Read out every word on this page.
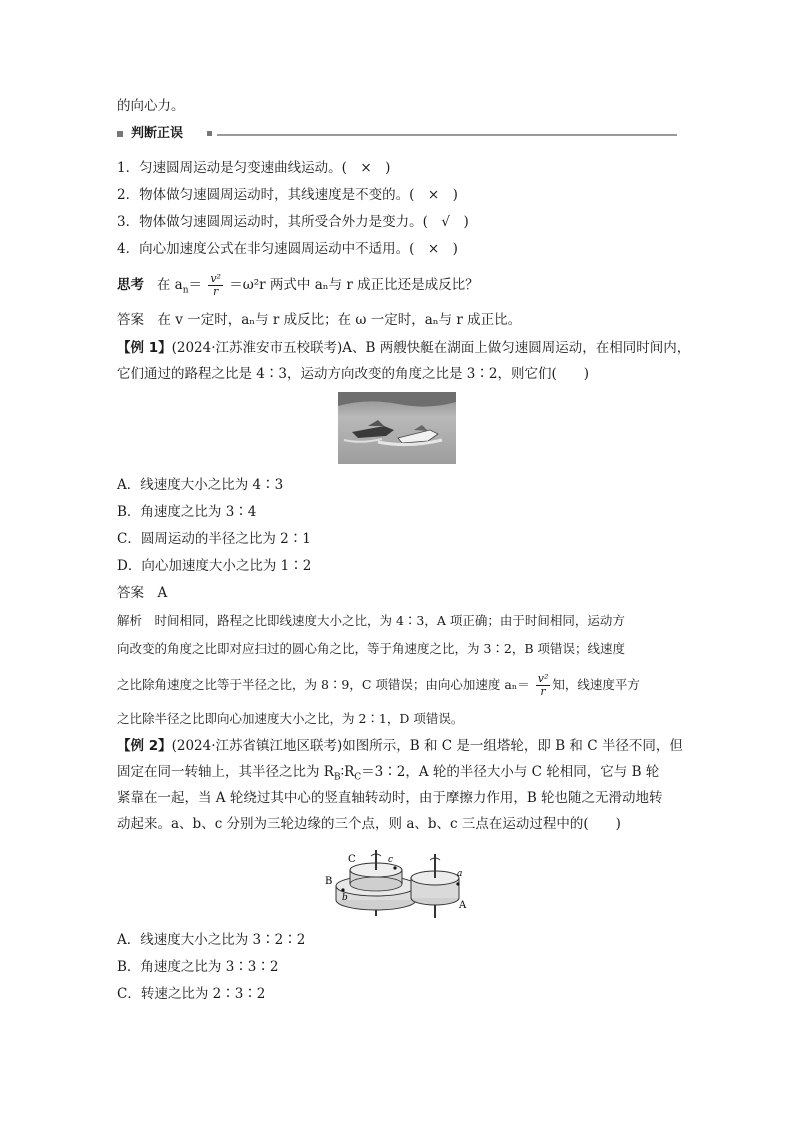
的向心力。
判断正误
1．匀速圆周运动是匀变速曲线运动。(　×　)
2．物体做匀速圆周运动时，其线速度是不变的。(　×　)
3．物体做匀速圆周运动时，其所受合外力是变力。(　√　)
4．向心加速度公式在非匀速圆周运动中不适用。(　×　)
思考 在 $a_n= \frac{\text{v²}}{r} =\omega^2r$ 两式中 aₙ与 r 成正比还是成反比？
答案　在 v 一定时，aₙ与 r 成反比；在 ω 一定时，aₙ与 r 成正比。
【例 1】(2024·江苏淮安市五校联考)A、B 两艘快艇在湖面上做匀速圆周运动，在相同时间内，
它们通过的路程之比是 4∶3，运动方向改变的角度之比是 3∶2，则它们(　　)
A．线速度大小之比为 4∶3
B．角速度之比为 3∶4
C．圆周运动的半径之比为 2∶1
D．向心加速度大小之比为 1∶2
答案　A
解析　时间相同，路程之比即线速度大小之比，为 4∶3，A 项正确；由于时间相同，运动方
向改变的角度之比即对应扫过的圆心角之比，等于角速度之比，为 3∶2，B 项错误；线速度
之比除角速度之比等于半径之比，为 8∶9，C 项错误；由向心加速度 $a_n= \frac{\text{v²}}{r}$ 知，线速度平方
之比除半径之比即向心加速度大小之比，为 2∶1，D 项错误。
【例 2】(2024·江苏省镇江地区联考)如图所示，B 和 C 是一组塔轮，即 B 和 C 半径不同，但
固定在同一转轴上，其半径之比为 $R_B∶R_C=3∶2$，A 轮的半径大小与 C 轮相同，它与 B 轮
紧靠在一起，当 A 轮绕过其中心的竖直轴转动时，由于摩擦力作用，B 轮也随之无滑动地转
动起来。a、b、c 分别为三轮边缘的三个点，则 a、b、c 三点在运动过程中的(　　)
C	c
B
b
a
A
A．线速度大小之比为 3∶2∶2
B．角速度之比为 3∶3∶2
C．转速之比为 2∶3∶2
